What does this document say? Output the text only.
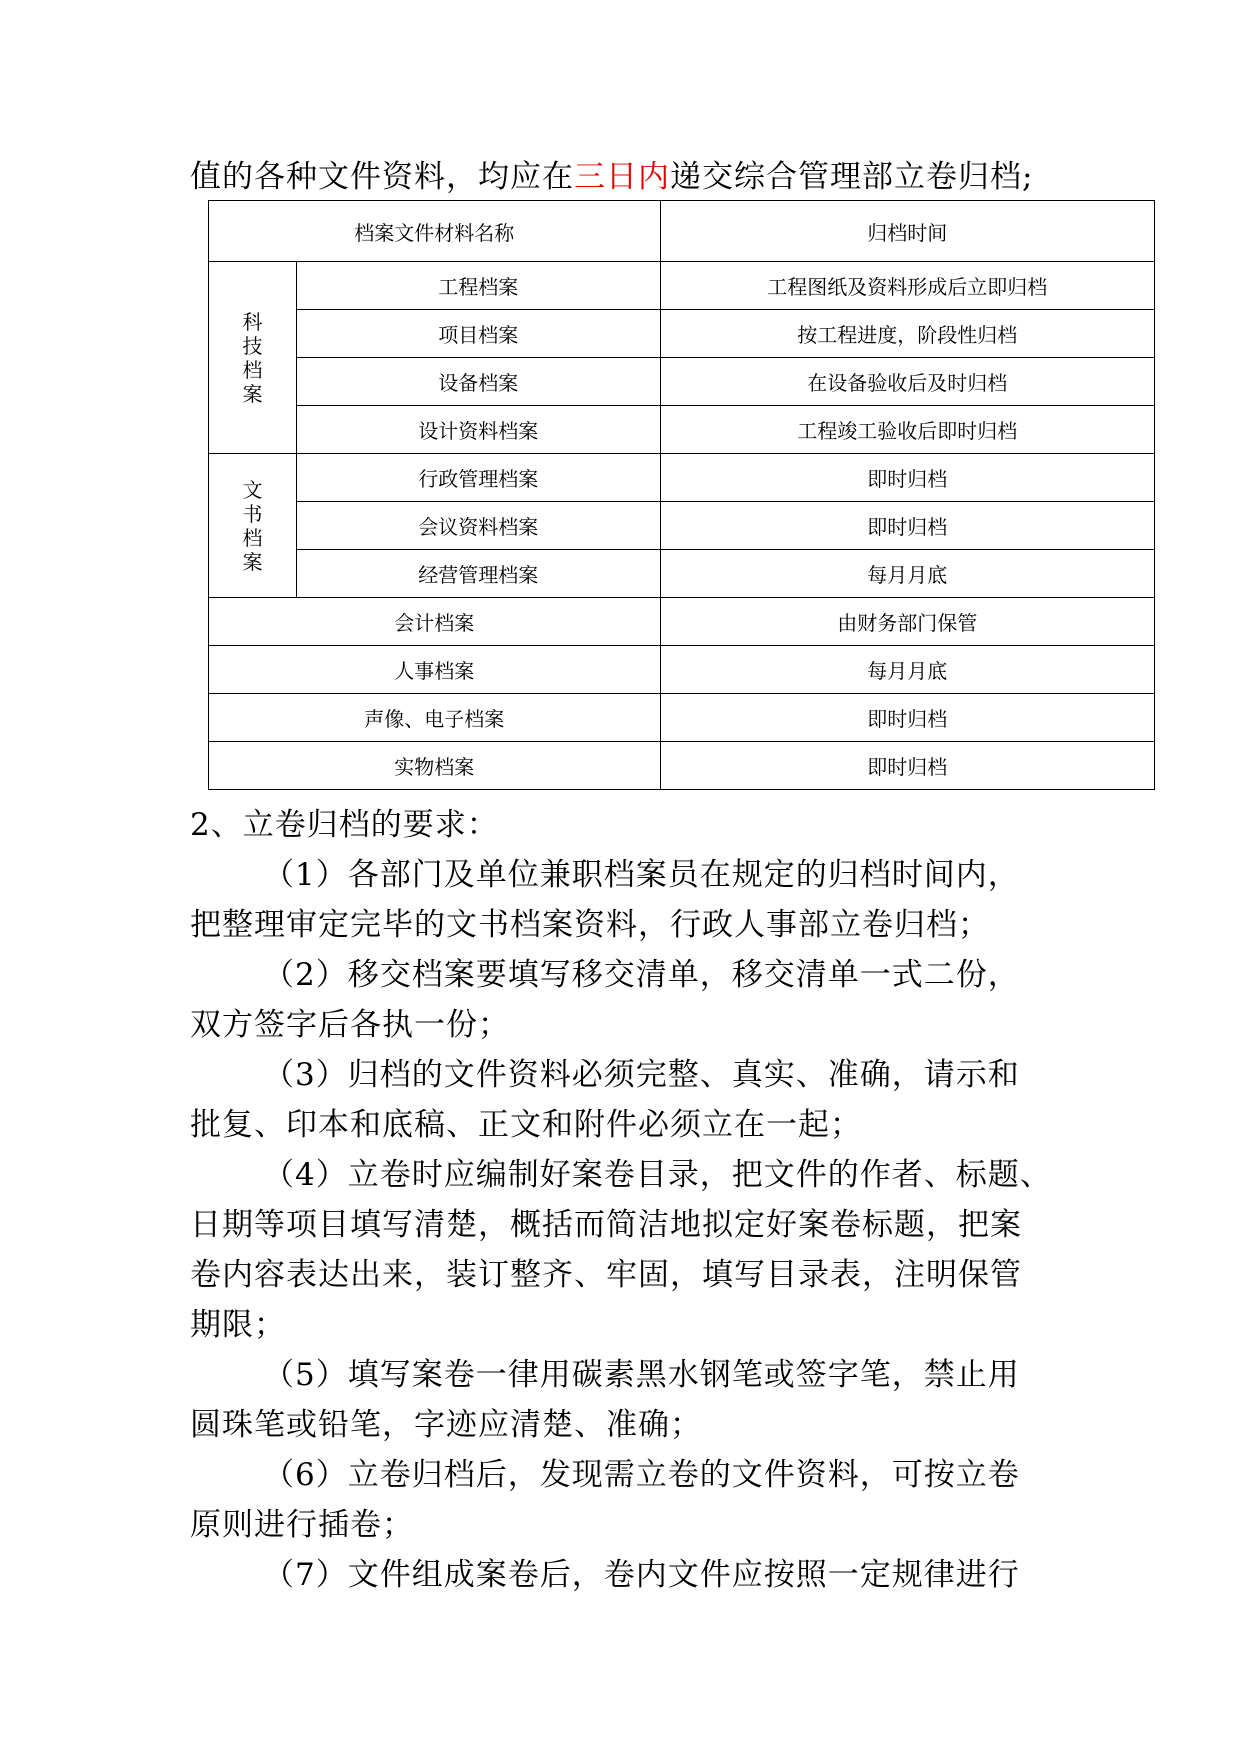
值的各种文件资料，均应在三日内递交综合管理部立卷归档;
档案文件材料名称		归档时间
科技档案	工程档案	工程图纸及资料形成后立即归档
	项目档案	按工程进度，阶段性归档
	设备档案	在设备验收后及时归档
	设计资料档案	工程竣工验收后即时归档
文书档案	行政管理档案	即时归档
	会议资料档案	即时归档
	经营管理档案	每月月底
会计档案		由财务部门保管
人事档案		每月月底
声像、电子档案		即时归档
实物档案		即时归档
2、立卷归档的要求：
（1）各部门及单位兼职档案员在规定的归档时间内，
把整理审定完毕的文书档案资料，行政人事部立卷归档；
（2）移交档案要填写移交清单，移交清单一式二份，
双方签字后各执一份；
（3）归档的文件资料必须完整、真实、准确，请示和
批复、印本和底稿、正文和附件必须立在一起；
（4）立卷时应编制好案卷目录，把文件的作者、标题、
日期等项目填写清楚，概括而简洁地拟定好案卷标题，把案
卷内容表达出来，装订整齐、牢固，填写目录表，注明保管
期限；
（5）填写案卷一律用碳素黑水钢笔或签字笔，禁止用
圆珠笔或铅笔，字迹应清楚、准确；
（6）立卷归档后，发现需立卷的文件资料，可按立卷
原则进行插卷；
（7）文件组成案卷后，卷内文件应按照一定规律进行
